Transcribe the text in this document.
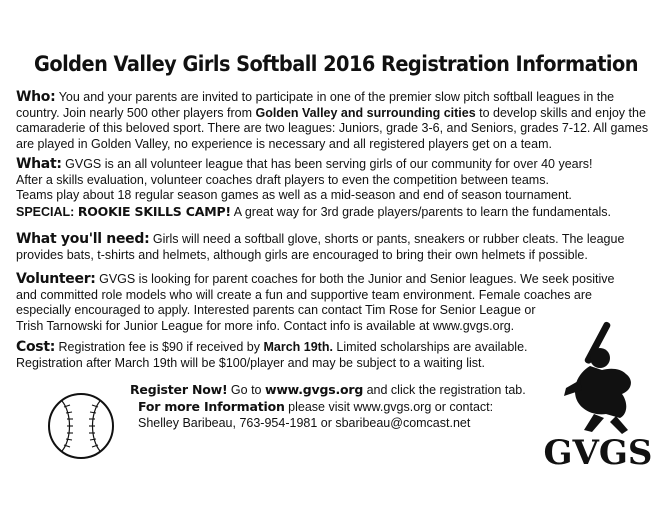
Golden Valley Girls Softball 2016 Registration Information
Who: You and your parents are invited to participate in one of the premier slow pitch softball leagues in the country. Join nearly 500 other players from Golden Valley and surrounding cities to develop skills and enjoy the camaraderie of this beloved sport. There are two leagues: Juniors, grade 3-6, and Seniors, grades 7-12. All games are played in Golden Valley, no experience is necessary and all registered players get on a team.
What: GVGS is an all volunteer league that has been serving girls of our community for over 40 years!
After a skills evaluation, volunteer coaches draft players to even the competition between teams.
Teams play about 18 regular season games as well as a mid-season and end of season tournament.
SPECIAL: ROOKIE SKILLS CAMP! A great way for 3rd grade players/parents to learn the fundamentals.
What you'll need: Girls will need a softball glove, shorts or pants, sneakers or rubber cleats. The league provides bats, t-shirts and helmets, although girls are encouraged to bring their own helmets if possible.
Volunteer: GVGS is looking for parent coaches for both the Junior and Senior leagues. We seek positive
and committed role models who will create a fun and supportive team environment. Female coaches are
especially encouraged to apply. Interested parents can contact Tim Rose for Senior League or
Trish Tarnowski for Junior League for more info. Contact info is available at www.gvgs.org.
Cost: Registration fee is $90 if received by March 19th. Limited scholarships are available.
Registration after March 19th will be $100/player and may be subject to a waiting list.
Register Now! Go to www.gvgs.org and click the registration tab.
For more Information please visit www.gvgs.org or contact:
Shelley Baribeau, 763-954-1981 or sbaribeau@comcast.net
GVGS
